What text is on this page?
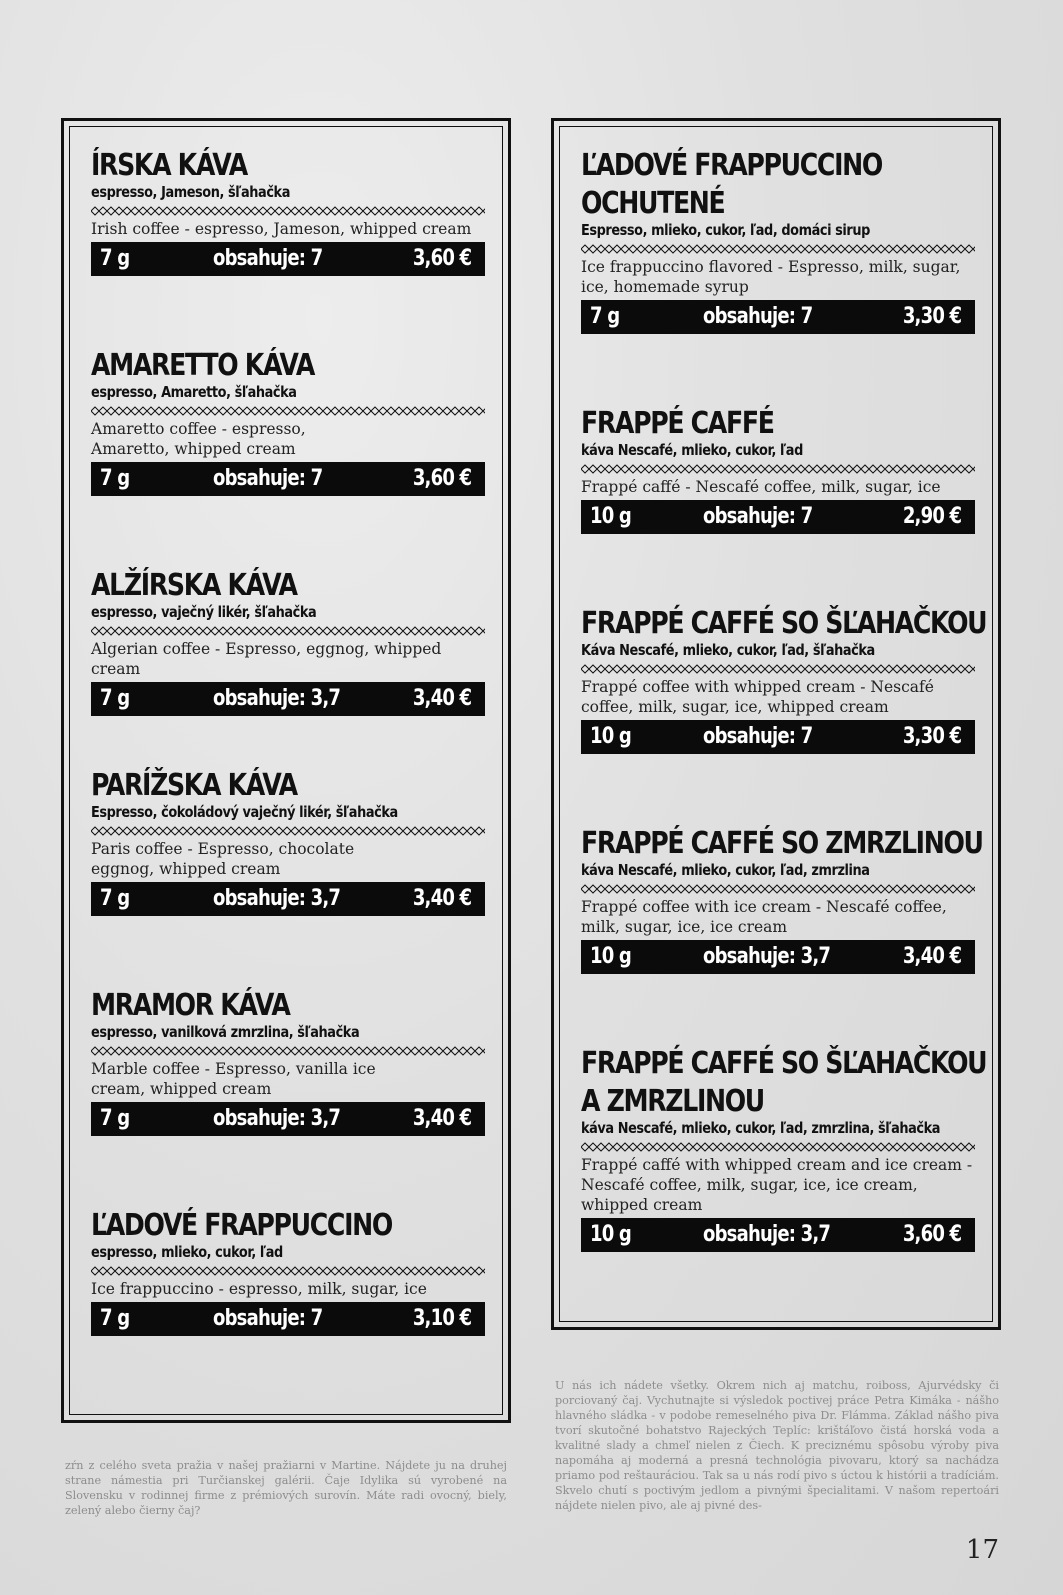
ÍRSKA KÁVA
espresso, Jameson, šľahačka
Irish coffee - espresso, Jameson, whipped cream
7 g	obsahuje: 7	3,60 €
AMARETTO KÁVA
espresso, Amaretto, šľahačka
Amaretto coffee - espresso, Amaretto, whipped cream
7 g	obsahuje: 7	3,60 €
ALŽÍRSKA KÁVA
espresso, vaječný likér, šľahačka
Algerian coffee - Espresso, eggnog, whipped cream
7 g	obsahuje: 3,7	3,40 €
PARÍŽSKA KÁVA
Espresso, čokoládový vaječný likér, šľahačka
Paris coffee - Espresso, chocolate eggnog, whipped cream
7 g	obsahuje: 3,7	3,40 €
MRAMOR KÁVA
espresso, vanilková zmrzlina, šľahačka
Marble coffee - Espresso, vanilla ice cream, whipped cream
7 g	obsahuje: 3,7	3,40 €
ĽADOVÉ FRAPPUCCINO
espresso, mlieko, cukor, ľad
Ice frappuccino - espresso, milk, sugar, ice
7 g	obsahuje: 7	3,10 €
ĽADOVÉ FRAPPUCCINO
OCHUTENÉ
Espresso, mlieko, cukor, ľad, domáci sirup
Ice frappuccino flavored - Espresso, milk, sugar, ice, homemade syrup
7 g	obsahuje: 7	3,30 €
FRAPPÉ CAFFÉ
káva Nescafé, mlieko, cukor, ľad
Frappé caffé - Nescafé coffee, milk, sugar, ice
10 g	obsahuje: 7	2,90 €
FRAPPÉ CAFFÉ SO ŠĽAHAČKOU
Káva Nescafé, mlieko, cukor, ľad, šľahačka
Frappé coffee with whipped cream - Nescafé coffee, milk, sugar, ice, whipped cream
10 g	obsahuje: 7	3,30 €
FRAPPÉ CAFFÉ SO ZMRZLINOU
káva Nescafé, mlieko, cukor, ľad, zmrzlina
Frappé coffee with ice cream - Nescafé coffee, milk, sugar, ice, ice cream
10 g	obsahuje: 3,7	3,40 €
FRAPPÉ CAFFÉ SO ŠĽAHAČKOU
A ZMRZLINOU
káva Nescafé, mlieko, cukor, ľad, zmrzlina, šľahačka
Frappé caffé with whipped cream and ice cream - Nescafé coffee, milk, sugar, ice, ice cream, whipped cream
10 g	obsahuje: 3,7	3,60 €

zŕn z celého sveta pražia v našej pražiarni v Martine. Nájdete ju na druhej strane námestia pri Turčianskej galérii. Čaje Idylika sú vyrobené na Slovensku v rodinnej firme z prémiových surovín. Máte radi ovocný, biely, zelený alebo čierny čaj?

U nás ich nádete všetky. Okrem nich aj matchu, roiboss, Ajurvédsky či porciovaný čaj. Vychutnajte si výsledok poctivej práce Petra Kimáka - nášho hlavného sládka - v podobe remeselného piva Dr. Flámma. Základ nášho piva tvorí skutočné bohatstvo Rajeckých Teplíc: krištáľovo čistá horská voda a kvalitné slady a chmeľ nielen z Čiech. K preciznému spôsobu výroby piva napomáha aj moderná a presná technológia pivovaru, ktorý sa nachádza priamo pod reštauráciou. Tak sa u nás rodí pivo s úctou k histórii a tradíciám. Skvelo chutí s poctivým jedlom a pivnými špecialitami. V našom repertoári nájdete nielen pivo, ale aj pivné des-

17
